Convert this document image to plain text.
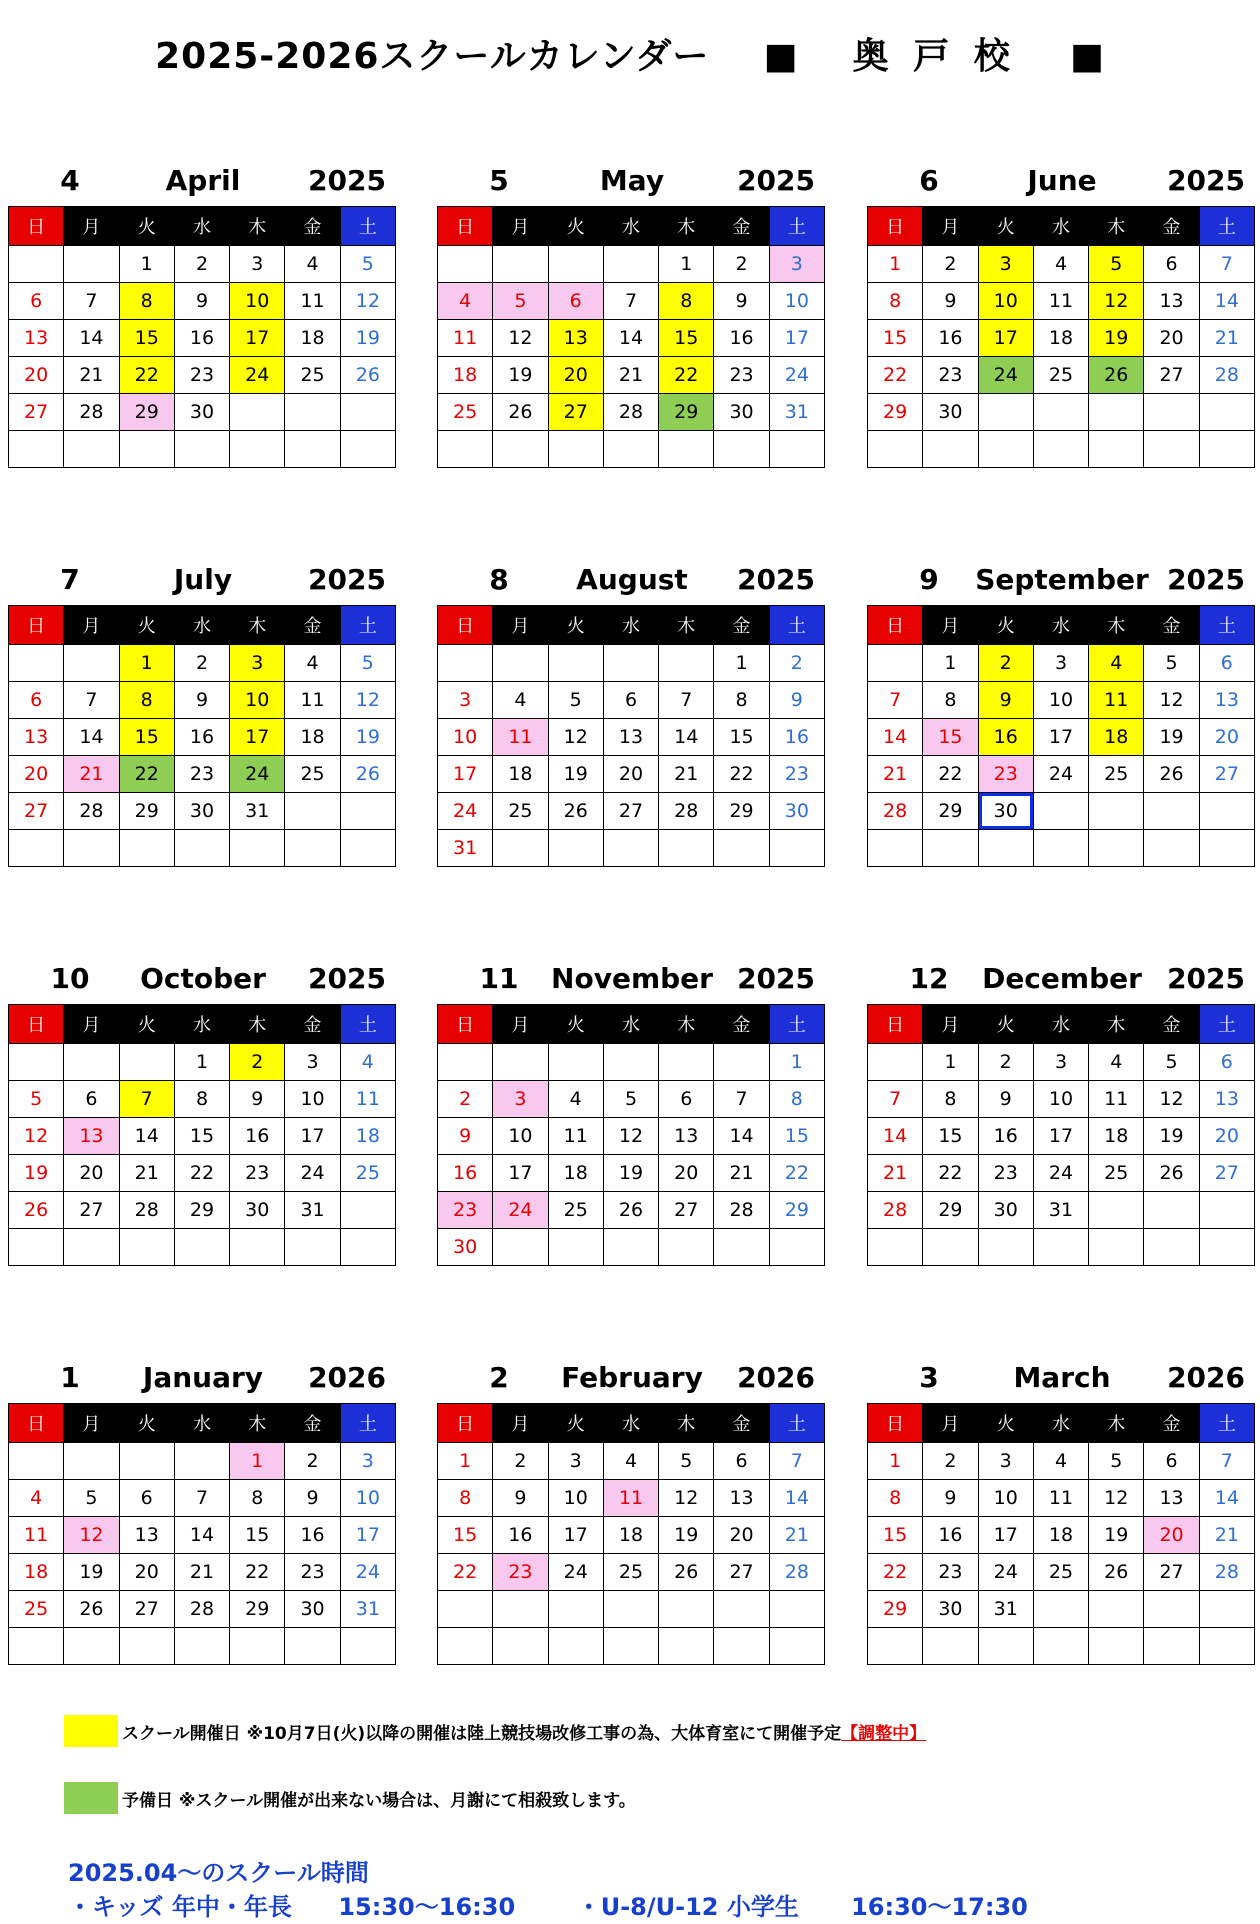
2025-2026スクールカレンダー ■ 奥 戸 校 ■
4	April	2025
日	月	火	水	木	金	土
		1	2	3	4	5
6	7	8	9	10	11	12
13	14	15	16	17	18	19
20	21	22	23	24	25	26
27	28	29	30			

5	May	2025
日	月	火	水	木	金	土
				1	2	3
4	5	6	7	8	9	10
11	12	13	14	15	16	17
18	19	20	21	22	23	24
25	26	27	28	29	30	31

6	June	2025
日	月	火	水	木	金	土
1	2	3	4	5	6	7
8	9	10	11	12	13	14
15	16	17	18	19	20	21
22	23	24	25	26	27	28
29	30					

7	July	2025
日	月	火	水	木	金	土
		1	2	3	4	5
6	7	8	9	10	11	12
13	14	15	16	17	18	19
20	21	22	23	24	25	26
27	28	29	30	31		

8	August	2025
日	月	火	水	木	金	土
					1	2
3	4	5	6	7	8	9
10	11	12	13	14	15	16
17	18	19	20	21	22	23
24	25	26	27	28	29	30
31						
9	September 2025
日	月	火	水	木	金	土
	1	2	3	4	5	6
7	8	9	10	11	12	13
14	15	16	17	18	19	20
21	22	23	24	25	26	27
28	29	30				

10	October	2025
日	月	火	水	木	金	土
			1	2	3	4
5	6	7	8	9	10	11
12	13	14	15	16	17	18
19	20	21	22	23	24	25
26	27	28	29	30	31	

11	November 2025
日	月	火	水	木	金	土
						1
2	3	4	5	6	7	8
9	10	11	12	13	14	15
16	17	18	19	20	21	22
23	24	25	26	27	28	29
30						
12	December 2025
日	月	火	水	木	金	土
	1	2	3	4	5	6
7	8	9	10	11	12	13
14	15	16	17	18	19	20
21	22	23	24	25	26	27
28	29	30	31			

1	January	2026
日	月	火	水	木	金	土
				1	2	3
4	5	6	7	8	9	10
11	12	13	14	15	16	17
18	19	20	21	22	23	24
25	26	27	28	29	30	31

2	February	2026
日	月	火	水	木	金	土
1	2	3	4	5	6	7
8	9	10	11	12	13	14
15	16	17	18	19	20	21
22	23	24	25	26	27	28

3	March	2026
日	月	火	水	木	金	土
1	2	3	4	5	6	7
8	9	10	11	12	13	14
15	16	17	18	19	20	21
22	23	24	25	26	27	28
29	30	31				

スクール開催日 ※10月7日(火)以降の開催は陸上競技場改修工事の為、大体育室にて開催予定 【調整中】
予備日 ※スクール開催が出来ない場合は、月謝にて相殺致します。
2025.04～のスクール時間
・キッズ 年中・年長 15:30～16:30	・U-8/U-12 小学生 16:30～17:30
